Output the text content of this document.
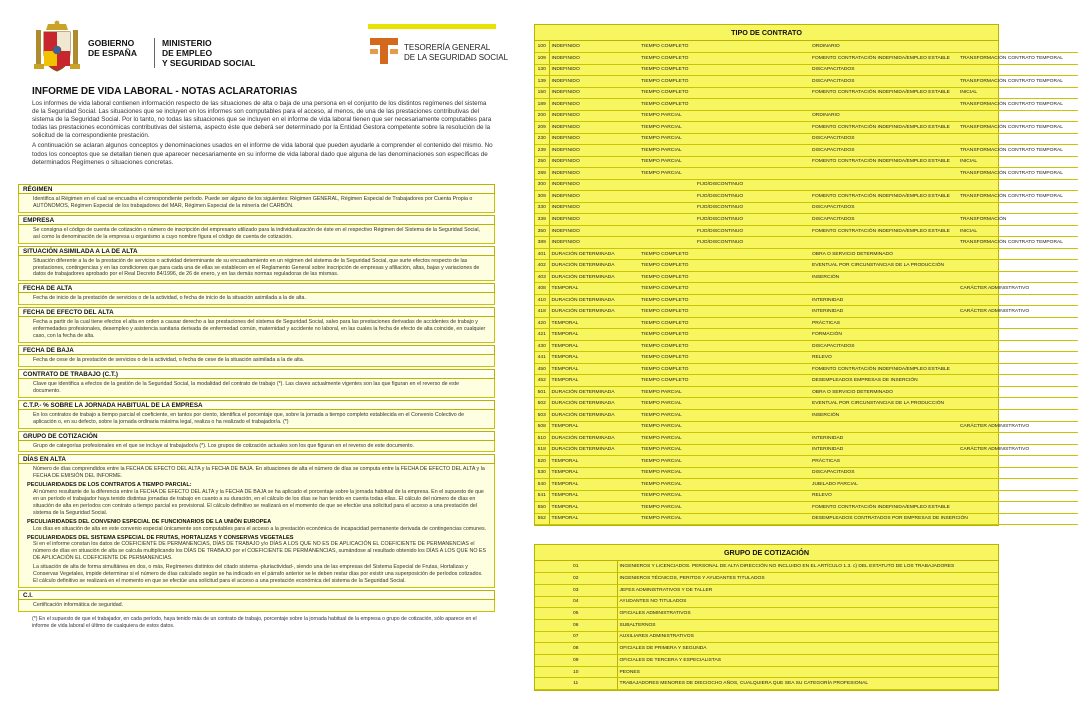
GOBIERNO
DE ESPAÑA
MINISTERIO
DE EMPLEO
Y SEGURIDAD SOCIAL
TESORERÍA GENERAL
DE LA SEGURIDAD SOCIAL
INFORME DE VIDA LABORAL - NOTAS ACLARATORIAS

Los informes de vida laboral contienen información respecto de las situaciones de alta o baja de una persona en el conjunto de los distintos regímenes del sistema de la Seguridad Social. Las situaciones que se incluyen en los informes son computables para el acceso, al menos, de una de las prestaciones contributivas del sistema de la Seguridad Social. Por lo tanto, no todas las situaciones que se incluyen en el informe de vida laboral tienen que ser necesariamente computables para todas las prestaciones económicas contributivas del sistema, aspecto éste que deberá ser determinado por la Entidad Gestora competente sobre la resolución de la solicitud de la correspondiente prestación.

A continuación se aclaran algunos conceptos y denominaciones usados en el informe de vida laboral que pueden ayudarle a comprender el contenido del mismo. No todos los conceptos que se detallan tienen que aparecer necesariamente en su informe de vida laboral dado que alguna de las denominaciones son específicas de determinados Regímenes o situaciones concretas.

RÉGIMEN
Identifica al Régimen en el cual se encuadra el correspondiente período. Puede ser alguno de los siguientes: Régimen GENERAL, Régimen Especial de Trabajadores por Cuenta Propia o AUTÓNOMOS, Régimen Especial de los trabajadores del MAR, Régimen Especial de la minería del CARBÓN.
EMPRESA
Se consigna el código de cuenta de cotización o número de inscripción del empresario utilizado para la individualización de éste en el respectivo Régimen del Sistema de la Seguridad Social, así como la denominación de la empresa u organismo a cuyo nombre figura el código de cuenta de cotización.
SITUACIÓN ASIMILADA A LA DE ALTA
Situación diferente a la de la prestación de servicios o actividad determinante de su encuadramiento en un régimen del sistema de la Seguridad Social, que surte efectos respecto de las prestaciones, contingencias y en las condiciones que para cada una de ellas se establecen en el Reglamento General sobre inscripción de empresas y afiliación, altas, bajas y variaciones de datos de trabajadores aprobado por el Real Decreto 84/1996, de 26 de enero, y en las demás normas reguladoras de las mismas.
FECHA DE ALTA
Fecha de inicio de la prestación de servicios o de la actividad, o fecha de inicio de la situación asimilada a la de alta.
FECHA DE EFECTO DEL ALTA
Fecha a partir de la cual tiene efectos el alta en orden a causar derecho a las prestaciones del sistema de Seguridad Social, salvo para las prestaciones derivadas de accidentes de trabajo y enfermedades profesionales, desempleo y asistencia sanitaria derivada de enfermedad común, maternidad y accidente no laboral, en las cuales la fecha de efecto de alta coincide, en cualquier caso, con la fecha de alta.
FECHA DE BAJA
Fecha de cese de la prestación de servicios o de la actividad, o fecha de cese de la situación asimilada a la de alta.
CONTRATO DE TRABAJO (C.T.)
Clave que identifica a efectos de la gestión de la Seguridad Social, la modalidad del contrato de trabajo (*). Las claves actualmente vigentes son las que figuran en el reverso de este documento.
C.T.P.- % SOBRE LA JORNADA HABITUAL DE LA EMPRESA
En los contratos de trabajo a tiempo parcial el coeficiente, en tantos por ciento, identifica el porcentaje que, sobre la jornada a tiempo completo establecida en el Convenio Colectivo de aplicación o, en su defecto, sobre la jornada ordinaria máxima legal, realiza o ha realizado el trabajador/a. (*)
GRUPO DE COTIZACIÓN
Grupo de categorías profesionales en el que se incluye al trabajador/a (*). Los grupos de cotización actuales son los que figuran en el reverso de este documento.
DÍAS EN ALTA
Número de días comprendidos entre la FECHA DE EFECTO DEL ALTA y la FECHA DE BAJA. En situaciones de alta el número de días se computa entre la FECHA DE EFECTO DEL ALTA y la FECHA DE EMISIÓN DEL INFORME.
PECULIARIDADES DE LOS CONTRATOS A TIEMPO PARCIAL:
Al número resultante de la diferencia entre la FECHA DE EFECTO DEL ALTA y la FECHA DE BAJA se ha aplicado el porcentaje sobre la jornada habitual de la empresa. En el supuesto de que en un período el trabajador haya tenido distintas jornadas de trabajo en cuanto a su duración, en el cálculo de los días se han tenido en cuenta todas ellas. El cálculo del número de días en situación de alta en períodos con contrato a tiempo parcial es provisional. El cálculo definitivo se realizará en el momento de que se efectúe una solicitud para el acceso a una prestación del sistema de la Seguridad Social.
PECULIARIDADES DEL CONVENIO ESPECIAL DE FUNCIONARIOS DE LA UNIÓN EUROPEA
Los días en situación de alta en este convenio especial únicamente son computables para el acceso a la prestación económica de incapacidad permanente derivada de contingencias comunes.
PECULIARIDADES DEL SISTEMA ESPECIAL DE FRUTAS, HORTALIZAS Y CONSERVAS VEGETALES
Si en el informe constan los datos de COEFICIENTE DE PERMANENCIAS, DÍAS DE TRABAJO y/o DÍAS A LOS QUE NO ES DE APLICACIÓN EL COEFICIENTE DE PERMANENCIAS el número de días en situación de alta se calcula multiplicando los DÍAS DE TRABAJO por el COEFICIENTE DE PERMANENCIAS, sumándose al resultado obtenido los DÍAS A LOS QUE NO ES DE APLICACIÓN EL COEFICIENTE DE PERMANENCIAS.
La situación de alta de forma simultánea en dos, o más, Regímenes distintos del citado sistema -pluriactividad-, siendo una de las empresas del Sistema Especial de Frutas, Hortalizas y Conservas Vegetales, impide determinar si el número de días calculado según se ha indicado en el párrafo anterior se le deben restar días por existir una superposición de períodos cotizados. El cálculo definitivo se realizará en el momento en que se efectúe una solicitud para el acceso a una prestación económica del sistema de la Seguridad Social.
C.I.
Certificación informática de seguridad.
(*) En el supuesto de que el trabajador, en cada período, haya tenido más de un contrato de trabajo, porcentaje sobre la jornada habitual de la empresa o grupo de cotización, sólo aparece en el informe de vida laboral el último de cualquiera de estos datos.
TIPO DE CONTRATO
100	INDEFINIDO	TIEMPO COMPLETO		ORDINARIO	
109	INDEFINIDO	TIEMPO COMPLETO		FOMENTO CONTRATACIÓN INDEFINIDA/EMPLEO ESTABLE	TRANSFORMACIÓN CONTRATO TEMPORAL
130	INDEFINIDO	TIEMPO COMPLETO		DISCAPACITADOS	
139	INDEFINIDO	TIEMPO COMPLETO		DISCAPACITADOS	TRANSFORMACIÓN CONTRATO TEMPORAL
150	INDEFINIDO	TIEMPO COMPLETO		FOMENTO CONTRATACIÓN INDEFINIDA/EMPLEO ESTABLE	INICIAL
189	INDEFINIDO	TIEMPO COMPLETO			TRANSFORMACIÓN CONTRATO TEMPORAL
200	INDEFINIDO	TIEMPO PARCIAL		ORDINARIO	
209	INDEFINIDO	TIEMPO PARCIAL		FOMENTO CONTRATACIÓN INDEFINIDA/EMPLEO ESTABLE	TRANSFORMACIÓN CONTRATO TEMPORAL
230	INDEFINIDO	TIEMPO PARCIAL		DISCAPACITADOS	
239	INDEFINIDO	TIEMPO PARCIAL		DISCAPACITADOS	TRANSFORMACIÓN CONTRATO TEMPORAL
250	INDEFINIDO	TIEMPO PARCIAL		FOMENTO CONTRATACIÓN INDEFINIDA/EMPLEO ESTABLE	INICIAL
289	INDEFINIDO	TIEMPO PARCIAL			TRANSFORMACIÓN CONTRATO TEMPORAL
300	INDEFINIDO		FIJO/DISCONTINUO		
309	INDEFINIDO		FIJO/DISCONTINUO	FOMENTO CONTRATACIÓN INDEFINIDA/EMPLEO ESTABLE	TRANSFORMACIÓN CONTRATO TEMPORAL
330	INDEFINIDO		FIJO/DISCONTINUO	DISCAPACITADOS	
339	INDEFINIDO		FIJO/DISCONTINUO	DISCAPACITADOS	TRANSFORMACIÓN
350	INDEFINIDO		FIJO/DISCONTINUO	FOMENTO CONTRATACIÓN INDEFINIDA/EMPLEO ESTABLE	INICIAL
389	INDEFINIDO		FIJO/DISCONTINUO		TRANSFORMACIÓN CONTRATO TEMPORAL
401	DURACIÓN DETERMINADA	TIEMPO COMPLETO		OBRA O SERVICIO DETERMINADO	
402	DURACIÓN DETERMINADA	TIEMPO COMPLETO		EVENTUAL POR CIRCUNSTANCIAS DE LA PRODUCCIÓN	
403	DURACIÓN DETERMINADA	TIEMPO COMPLETO		INSERCIÓN	
408	TEMPORAL	TIEMPO COMPLETO			CARÁCTER ADMINISTRATIVO
410	DURACIÓN DETERMINADA	TIEMPO COMPLETO		INTERINIDAD	
418	DURACIÓN DETERMINADA	TIEMPO COMPLETO		INTERINIDAD	CARÁCTER ADMINISTRATIVO
420	TEMPORAL	TIEMPO COMPLETO		PRÁCTICAS	
421	TEMPORAL	TIEMPO COMPLETO		FORMACIÓN	
430	TEMPORAL	TIEMPO COMPLETO		DISCAPACITADOS	
441	TEMPORAL	TIEMPO COMPLETO		RELEVO	
450	TEMPORAL	TIEMPO COMPLETO		FOMENTO CONTRATACIÓN INDEFINIDA/EMPLEO ESTABLE	
452	TEMPORAL	TIEMPO COMPLETO		DESEMPLEADOS EMPRESAS DE INSERCIÓN	
501	DURACIÓN DETERMINADA	TIEMPO PARCIAL		OBRA O SERVICIO DETERMINADO	
502	DURACIÓN DETERMINADA	TIEMPO PARCIAL		EVENTUAL POR CIRCUNSTANCIAS DE LA PRODUCCIÓN	
503	DURACIÓN DETERMINADA	TIEMPO PARCIAL		INSERCIÓN	
508	TEMPORAL	TIEMPO PARCIAL			CARÁCTER ADMINISTRATIVO
510	DURACIÓN DETERMINADA	TIEMPO PARCIAL		INTERINIDAD	
518	DURACIÓN DETERMINADA	TIEMPO PARCIAL		INTERINIDAD	CARÁCTER ADMINISTRATIVO
520	TEMPORAL	TIEMPO PARCIAL		PRÁCTICAS	
530	TEMPORAL	TIEMPO PARCIAL		DISCAPACITADOS	
540	TEMPORAL	TIEMPO PARCIAL		JUBILADO PARCIAL	
541	TEMPORAL	TIEMPO PARCIAL		RELEVO	
550	TEMPORAL	TIEMPO PARCIAL		FOMENTO CONTRATACIÓN INDEFINIDA/EMPLEO ESTABLE	
552	TEMPORAL	TIEMPO PARCIAL		DESEMPLEADOS CONTRATADOS POR EMPRESAS DE INSERCIÓN	
GRUPO DE COTIZACIÓN
01	INGENIEROS Y LICENCIADOS. PERSONAL DE ALTA DIRECCIÓN NO INCLUIDO EN EL ARTÍCULO 1.3. c) DEL ESTATUTO DE LOS TRABAJADORES
02	INGENIEROS TÉCNICOS, PERITOS Y AYUDANTES TITULADOS
03	JEFES ADMINISTRATIVOS Y DE TALLER
04	AYUDANTES NO TITULADOS
05	OFICIALES ADMINISTRATIVOS
06	SUBALTERNOS
07	AUXILIARES ADMINISTRATIVOS
08	OFICIALES DE PRIMERA Y SEGUNDA
09	OFICIALES DE TERCERA Y ESPECIALISTAS
10	PEONES
11	TRABAJADORES MENORES DE DIECIOCHO AÑOS, CUALQUIERA QUE SEA SU CATEGORÍA PROFESIONAL
